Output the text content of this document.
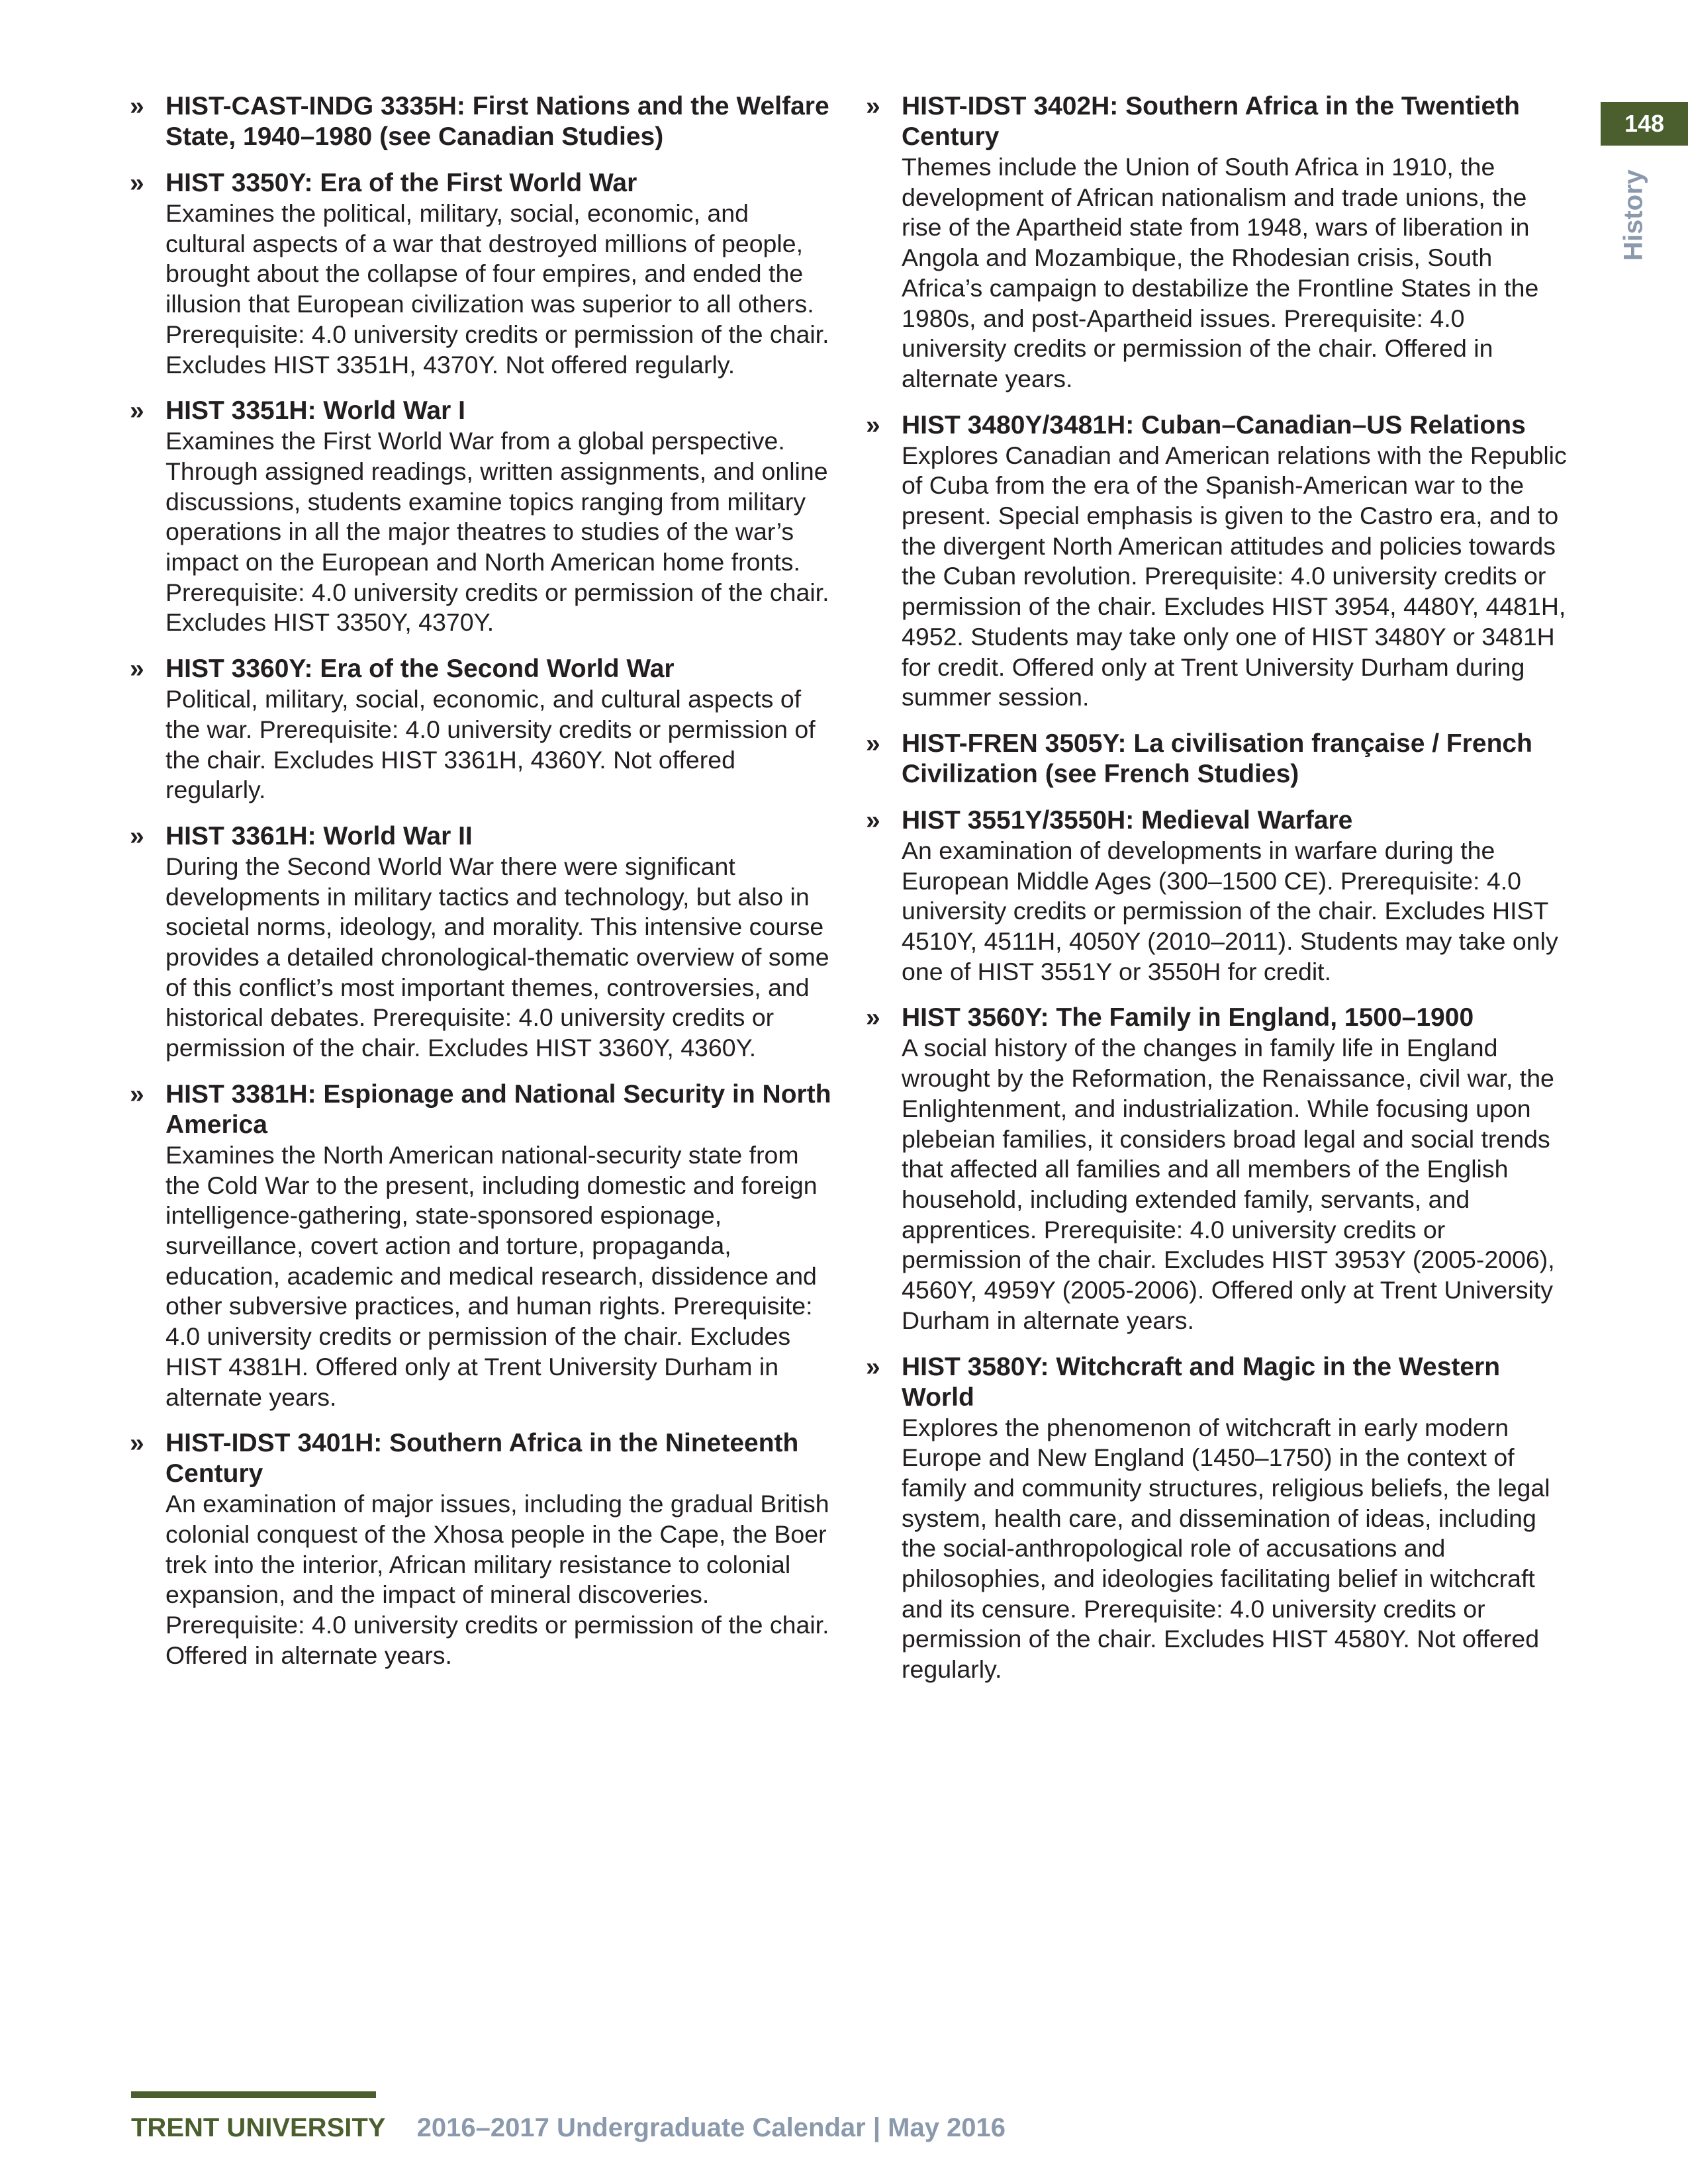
148
History
» HIST-CAST-INDG 3335H: First Nations and the Welfare State, 1940–1980 (see Canadian Studies)

» HIST 3350Y: Era of the First World War

Examines the political, military, social, economic, and cultural aspects of a war that destroyed millions of people, brought about the collapse of four empires, and ended the illusion that European civilization was superior to all others. Prerequisite: 4.0 university credits or permission of the chair. Excludes HIST 3351H, 4370Y. Not offered regularly.

» HIST 3351H: World War I

Examines the First World War from a global perspective. Through assigned readings, written assignments, and online discussions, students examine topics ranging from military operations in all the major theatres to studies of the war’s impact on the European and North American home fronts. Prerequisite: 4.0 university credits or permission of the chair. Excludes HIST 3350Y, 4370Y.

» HIST 3360Y: Era of the Second World War

Political, military, social, economic, and cultural aspects of the war. Prerequisite: 4.0 university credits or permission of the chair. Excludes HIST 3361H, 4360Y. Not offered regularly.

» HIST 3361H: World War II

During the Second World War there were significant developments in military tactics and technology, but also in societal norms, ideology, and morality. This intensive course provides a detailed chronological-thematic overview of some of this conflict’s most important themes, controversies, and historical debates. Prerequisite: 4.0 university credits or permission of the chair. Excludes HIST 3360Y, 4360Y.

» HIST 3381H: Espionage and National Security in North America

Examines the North American national-security state from the Cold War to the present, including domestic and foreign intelligence-gathering, state-sponsored espionage, surveillance, covert action and torture, propaganda, education, academic and medical research, dissidence and other subversive practices, and human rights. Prerequisite: 4.0 university credits or permission of the chair. Excludes HIST 4381H. Offered only at Trent University Durham in alternate years.

» HIST-IDST 3401H: Southern Africa in the Nineteenth Century

An examination of major issues, including the gradual British colonial conquest of the Xhosa people in the Cape, the Boer trek into the interior, African military resistance to colonial expansion, and the impact of mineral discoveries. Prerequisite: 4.0 university credits or permission of the chair. Offered in alternate years.

» HIST-IDST 3402H: Southern Africa in the Twentieth Century

Themes include the Union of South Africa in 1910, the development of African nationalism and trade unions, the rise of the Apartheid state from 1948, wars of liberation in Angola and Mozambique, the Rhodesian crisis, South Africa’s campaign to destabilize the Frontline States in the 1980s, and post-Apartheid issues. Prerequisite: 4.0 university credits or permission of the chair. Offered in alternate years.

» HIST 3480Y/3481H: Cuban–Canadian–US Relations

Explores Canadian and American relations with the Republic of Cuba from the era of the Spanish-American war to the present. Special emphasis is given to the Castro era, and to the divergent North American attitudes and policies towards the Cuban revolution. Prerequisite: 4.0 university credits or permission of the chair. Excludes HIST 3954, 4480Y, 4481H, 4952. Students may take only one of HIST 3480Y or 3481H for credit. Offered only at Trent University Durham during summer session.

» HIST-FREN 3505Y: La civilisation française / French Civilization (see French Studies)

» HIST 3551Y/3550H: Medieval Warfare

An examination of developments in warfare during the European Middle Ages (300–1500 CE). Prerequisite: 4.0 university credits or permission of the chair. Excludes HIST 4510Y, 4511H, 4050Y (2010–2011). Students may take only one of HIST 3551Y or 3550H for credit.

» HIST 3560Y: The Family in England, 1500–1900

A social history of the changes in family life in England wrought by the Reformation, the Renaissance, civil war, the Enlightenment, and industrialization. While focusing upon plebeian families, it considers broad legal and social trends that affected all families and all members of the English household, including extended family, servants, and apprentices. Prerequisite: 4.0 university credits or permission of the chair. Excludes HIST 3953Y (2005-2006), 4560Y, 4959Y (2005-2006). Offered only at Trent University Durham in alternate years.

» HIST 3580Y: Witchcraft and Magic in the Western World

Explores the phenomenon of witchcraft in early modern Europe and New England (1450–1750) in the context of family and community structures, religious beliefs, the legal system, health care, and dissemination of ideas, including the social-anthropological role of accusations and philosophies, and ideologies facilitating belief in witchcraft and its censure. Prerequisite: 4.0 university credits or permission of the chair. Excludes HIST 4580Y. Not offered regularly.

TRENT UNIVERSITY 2016–2017 Undergraduate Calendar | May 2016
